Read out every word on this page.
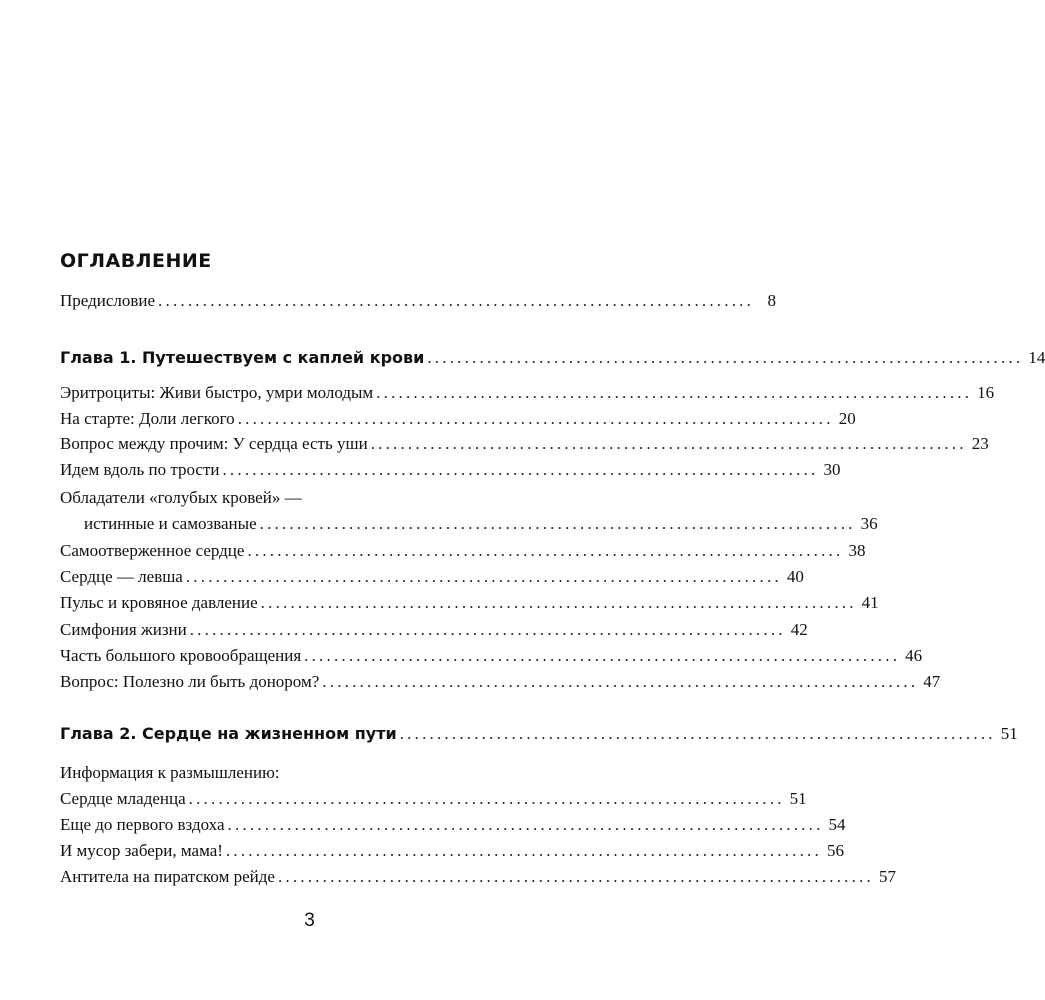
ОГЛАВЛЕНИЕ
Предисловие ................................................................................ 8
Глава 1. Путешествуем с каплей крови ................................................................................ 14
Эритроциты: Живи быстро, умри молодым ................................................................................ 16
На старте: Доли легкого ................................................................................ 20
Вопрос между прочим: У сердца есть уши ................................................................................ 23
Идем вдоль по трости ................................................................................ 30
Обладатели «голубых кровей» —
истинные и самозваные ................................................................................ 36
Самоотверженное сердце ................................................................................ 38
Сердце — левша ................................................................................ 40
Пульс и кровяное давление ................................................................................ 41
Симфония жизни ................................................................................ 42
Часть большого кровообращения ................................................................................ 46
Вопрос: Полезно ли быть донором? ................................................................................ 47
Глава 2. Сердце на жизненном пути ................................................................................ 51
Информация к размышлению:
Сердце младенца ................................................................................ 51
Еще до первого вздоха ................................................................................ 54
И мусор забери, мама! ................................................................................ 56
Антитела на пиратском рейде ................................................................................ 57
3
